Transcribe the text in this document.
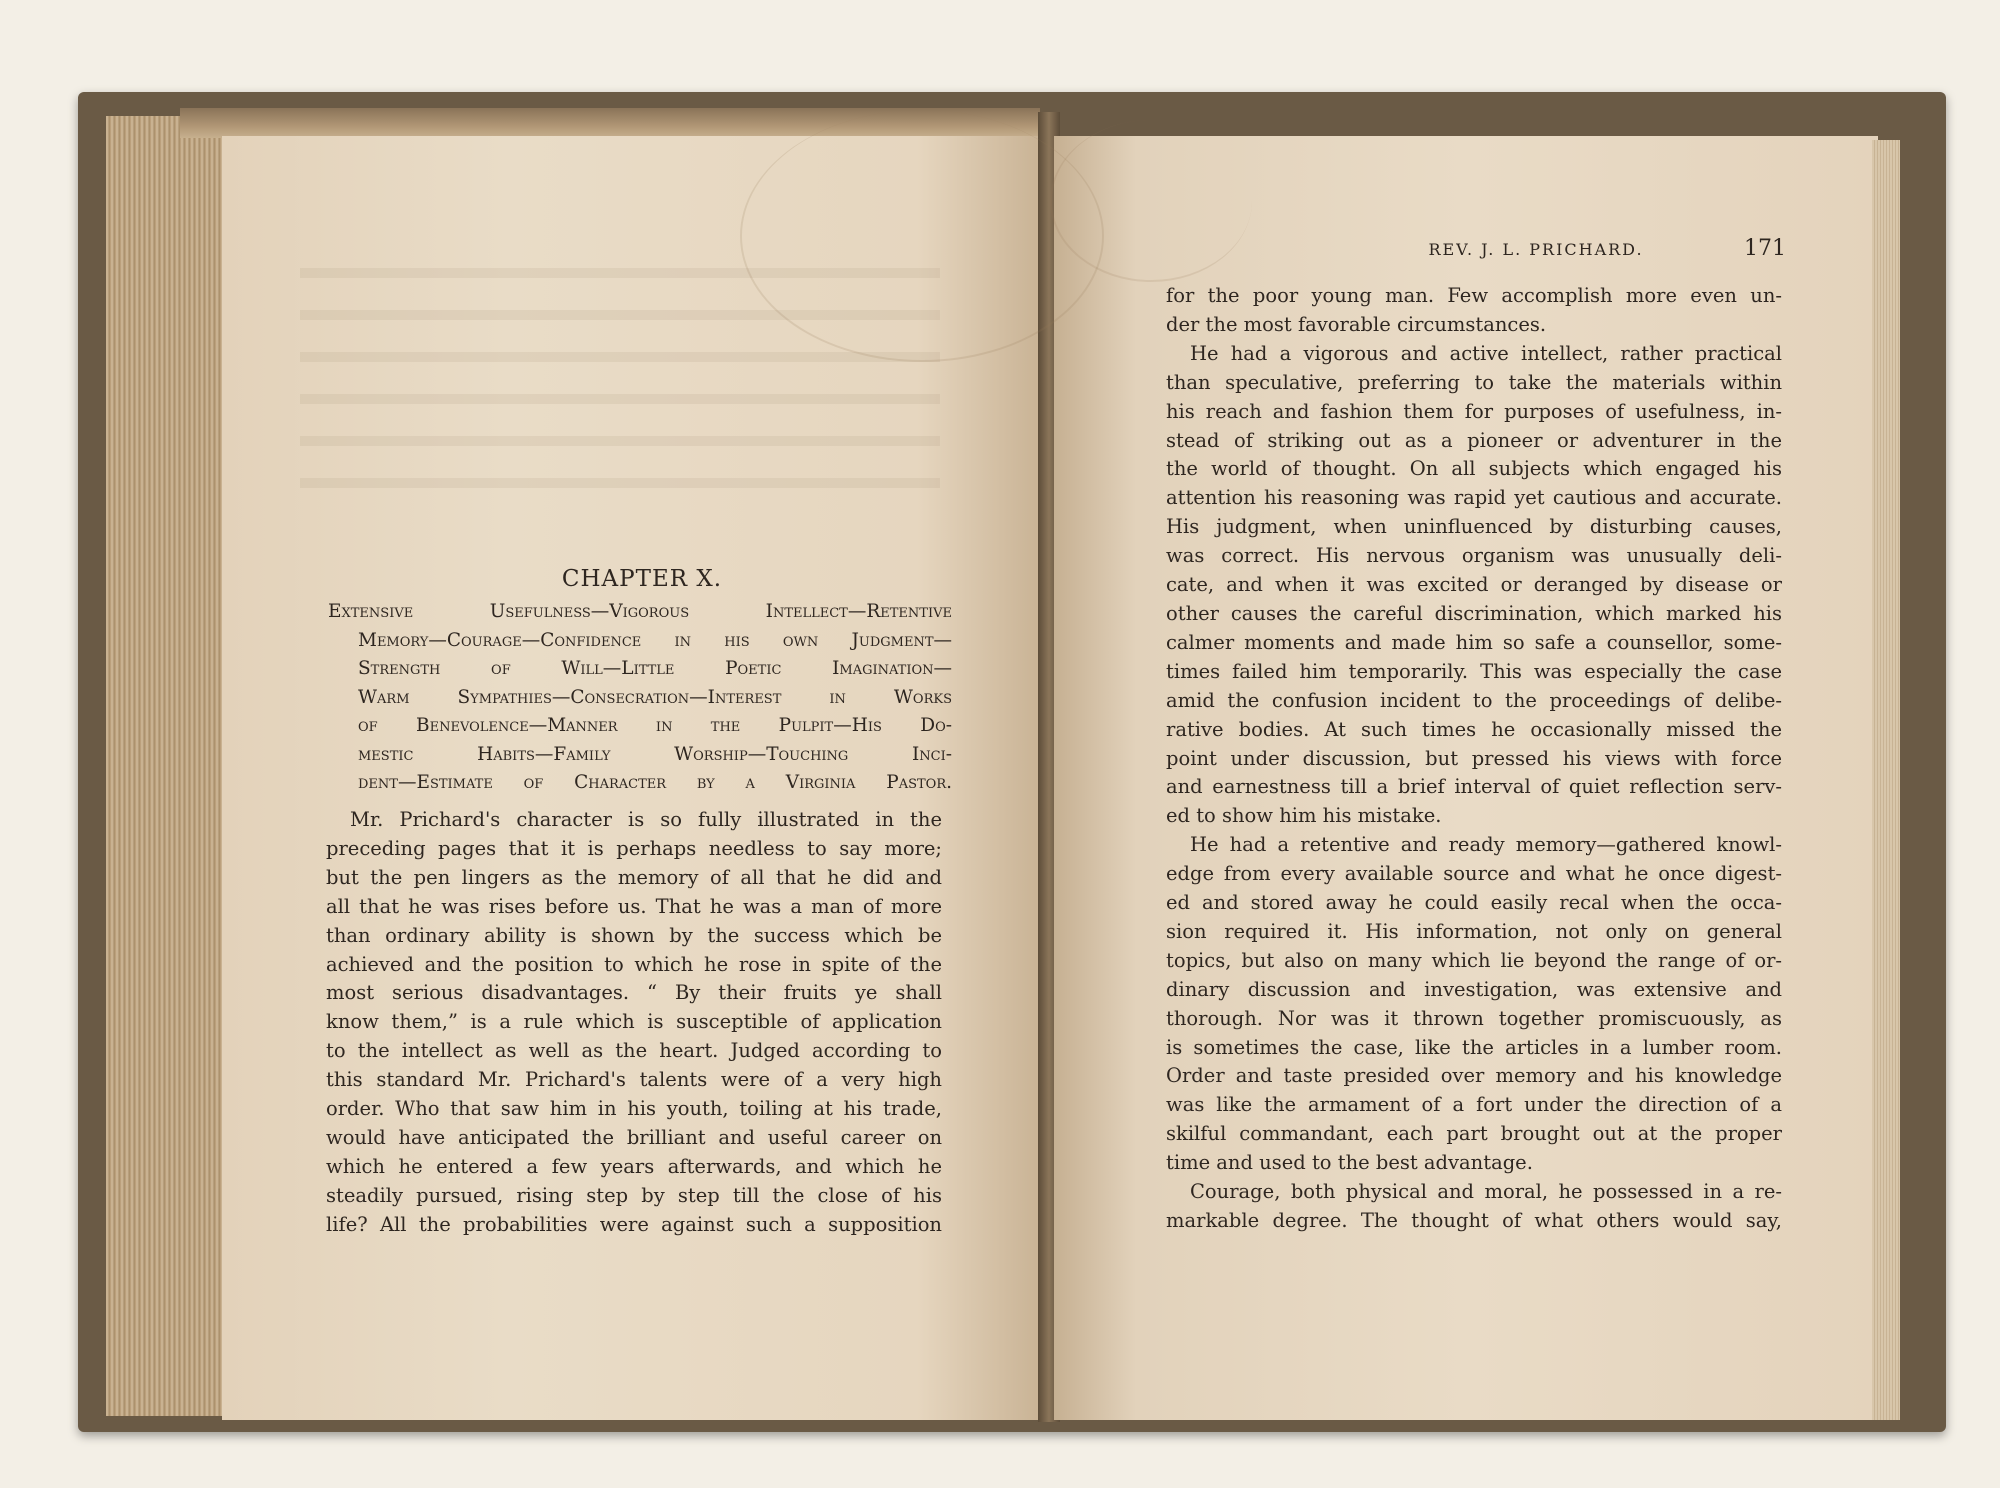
CHAPTER X.
Extensive Usefulness—Vigorous Intellect—Retentive
Memory—Courage—Confidence in his own Judgment—
Strength of Will—Little Poetic Imagination—
Warm Sympathies—Consecration—Interest in Works
of Benevolence—Manner in the Pulpit—His Do-
mestic Habits—Family Worship—Touching Inci-
dent—Estimate of Character by a Virginia Pastor.
Mr. Prichard's character is so fully illustrated in the
preceding pages that it is perhaps needless to say more;
but the pen lingers as the memory of all that he did and
all that he was rises before us. That he was a man of more
than ordinary ability is shown by the success which be
achieved and the position to which he rose in spite of the
most serious disadvantages. “ By their fruits ye shall
know them,” is a rule which is susceptible of application
to the intellect as well as the heart. Judged according to
this standard Mr. Prichard's talents were of a very high
order. Who that saw him in his youth, toiling at his trade,
would have anticipated the brilliant and useful career on
which he entered a few years afterwards, and which he
steadily pursued, rising step by step till the close of his
life? All the probabilities were against such a supposition
REV. J. L. PRICHARD.	171
for the poor young man. Few accomplish more even un-
der the most favorable circumstances.
He had a vigorous and active intellect, rather practical
than speculative, preferring to take the materials within
his reach and fashion them for purposes of usefulness, in-
stead of striking out as a pioneer or adventurer in the
the world of thought. On all subjects which engaged his
attention his reasoning was rapid yet cautious and accurate.
His judgment, when uninfluenced by disturbing causes,
was correct. His nervous organism was unusually deli-
cate, and when it was excited or deranged by disease or
other causes the careful discrimination, which marked his
calmer moments and made him so safe a counsellor, some-
times failed him temporarily. This was especially the case
amid the confusion incident to the proceedings of delibe-
rative bodies. At such times he occasionally missed the
point under discussion, but pressed his views with force
and earnestness till a brief interval of quiet reflection serv-
ed to show him his mistake.
He had a retentive and ready memory—gathered knowl-
edge from every available source and what he once digest-
ed and stored away he could easily recal when the occa-
sion required it. His information, not only on general
topics, but also on many which lie beyond the range of or-
dinary discussion and investigation, was extensive and
thorough. Nor was it thrown together promiscuously, as
is sometimes the case, like the articles in a lumber room.
Order and taste presided over memory and his knowledge
was like the armament of a fort under the direction of a
skilful commandant, each part brought out at the proper
time and used to the best advantage.
Courage, both physical and moral, he possessed in a re-
markable degree. The thought of what others would say,
